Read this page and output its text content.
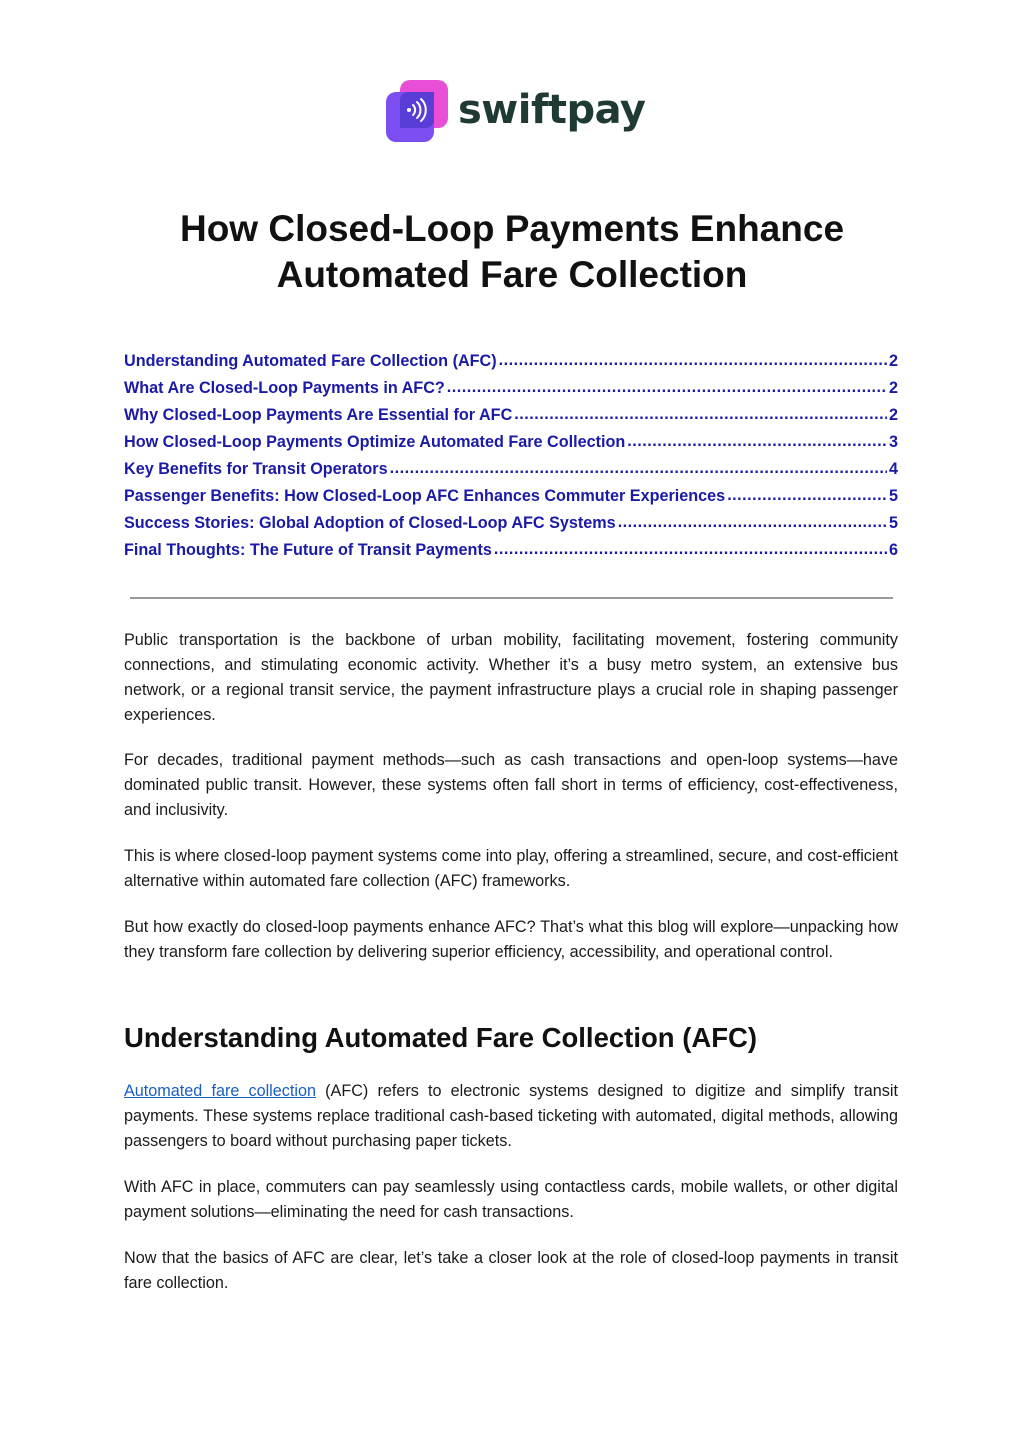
swiftpay
How Closed-Loop Payments Enhance
Automated Fare Collection
Understanding Automated Fare Collection (AFC) .....	2
What Are Closed-Loop Payments in AFC? .....	2
Why Closed-Loop Payments Are Essential for AFC .....	2
How Closed-Loop Payments Optimize Automated Fare Collection .....	3
Key Benefits for Transit Operators .....	4
Passenger Benefits: How Closed-Loop AFC Enhances Commuter Experiences .....	5
Success Stories: Global Adoption of Closed-Loop AFC Systems .....	5
Final Thoughts: The Future of Transit Payments .....	6

Public transportation is the backbone of urban mobility, facilitating movement, fostering community connections, and stimulating economic activity. Whether it’s a busy metro system, an extensive bus network, or a regional transit service, the payment infrastructure plays a crucial role in shaping passenger experiences.

For decades, traditional payment methods—such as cash transactions and open-loop systems—have dominated public transit. However, these systems often fall short in terms of efficiency, cost-effectiveness, and inclusivity.

This is where closed-loop payment systems come into play, offering a streamlined, secure, and cost-efficient alternative within automated fare collection (AFC) frameworks.

But how exactly do closed-loop payments enhance AFC? That’s what this blog will explore—unpacking how they transform fare collection by delivering superior efficiency, accessibility, and operational control.

Understanding Automated Fare Collection (AFC)

Automated fare collection (AFC) refers to electronic systems designed to digitize and simplify transit payments. These systems replace traditional cash-based ticketing with automated, digital methods, allowing passengers to board without purchasing paper tickets.

With AFC in place, commuters can pay seamlessly using contactless cards, mobile wallets, or other digital payment solutions—eliminating the need for cash transactions.

Now that the basics of AFC are clear, let’s take a closer look at the role of closed-loop payments in transit fare collection.
